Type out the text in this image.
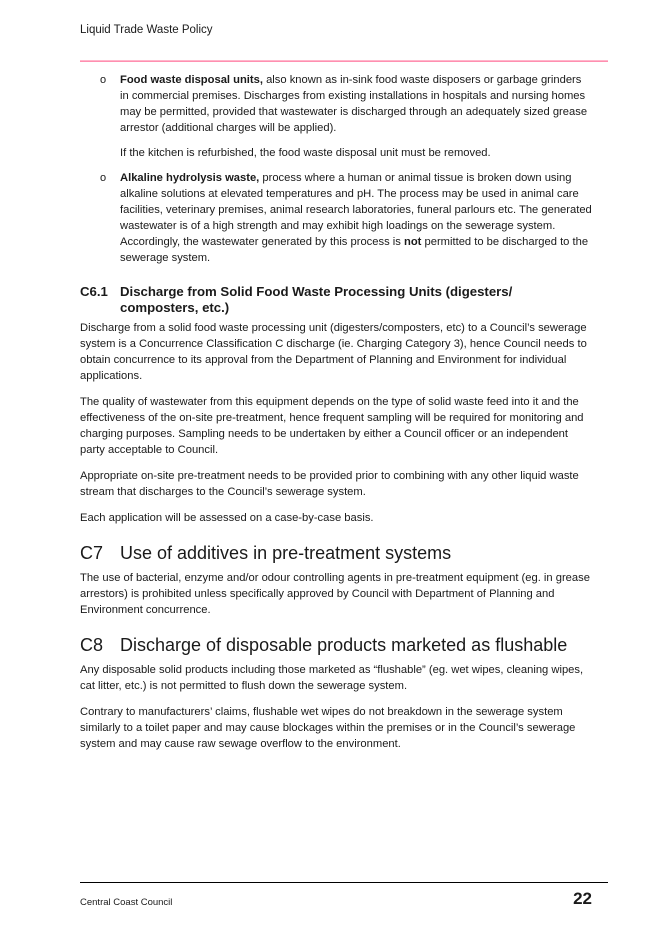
Liquid Trade Waste Policy
o Food waste disposal units, also known as in-sink food waste disposers or garbage grinders in commercial premises. Discharges from existing installations in hospitals and nursing homes may be permitted, provided that wastewater is discharged through an adequately sized grease arrestor (additional charges will be applied).

If the kitchen is refurbished, the food waste disposal unit must be removed.

o Alkaline hydrolysis waste, process where a human or animal tissue is broken down using alkaline solutions at elevated temperatures and pH. The process may be used in animal care facilities, veterinary premises, animal research laboratories, funeral parlours etc. The generated wastewater is of a high strength and may exhibit high loadings on the sewerage system. Accordingly, the wastewater generated by this process is not permitted to be discharged to the sewerage system.

C6.1 Discharge from Solid Food Waste Processing Units (digesters/ composters, etc.)

Discharge from a solid food waste processing unit (digesters/composters, etc) to a Council’s sewerage system is a Concurrence Classification C discharge (ie. Charging Category 3), hence Council needs to obtain concurrence to its approval from the Department of Planning and Environment for individual applications.

The quality of wastewater from this equipment depends on the type of solid waste feed into it and the effectiveness of the on-site pre-treatment, hence frequent sampling will be required for monitoring and charging purposes. Sampling needs to be undertaken by either a Council officer or an independent party acceptable to Council.

Appropriate on-site pre-treatment needs to be provided prior to combining with any other liquid waste stream that discharges to the Council’s sewerage system.

Each application will be assessed on a case-by-case basis.

C7 Use of additives in pre-treatment systems

The use of bacterial, enzyme and/or odour controlling agents in pre-treatment equipment (eg. in grease arrestors) is prohibited unless specifically approved by Council with Department of Planning and Environment concurrence.

C8 Discharge of disposable products marketed as flushable

Any disposable solid products including those marketed as “flushable” (eg. wet wipes, cleaning wipes, cat litter, etc.) is not permitted to flush down the sewerage system.

Contrary to manufacturers’ claims, flushable wet wipes do not breakdown in the sewerage system similarly to a toilet paper and may cause blockages within the premises or in the Council’s sewerage system and may cause raw sewage overflow to the environment.

Central Coast Council	22
